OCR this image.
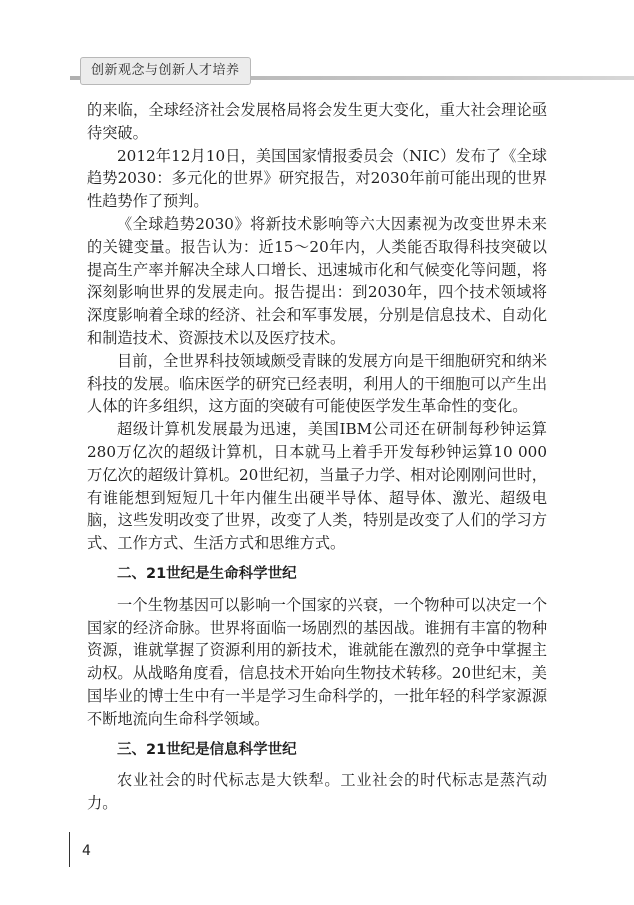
创新观念与创新人才培养

的来临，全球经济社会发展格局将会发生更大变化，重大社会理论亟待突破。

2012年12月10日，美国国家情报委员会（NIC）发布了《全球趋势2030：多元化的世界》研究报告，对2030年前可能出现的世界性趋势作了预判。

《全球趋势2030》将新技术影响等六大因素视为改变世界未来的关键变量。报告认为：近15～20年内，人类能否取得科技突破以提高生产率并解决全球人口增长、迅速城市化和气候变化等问题，将深刻影响世界的发展走向。报告提出：到2030年，四个技术领域将深度影响着全球的经济、社会和军事发展，分别是信息技术、自动化和制造技术、资源技术以及医疗技术。

目前，全世界科技领域颇受青睐的发展方向是干细胞研究和纳米科技的发展。临床医学的研究已经表明，利用人的干细胞可以产生出人体的许多组织，这方面的突破有可能使医学发生革命性的变化。

超级计算机发展最为迅速，美国IBM公司还在研制每秒钟运算280万亿次的超级计算机，日本就马上着手开发每秒钟运算10 000万亿次的超级计算机。20世纪初，当量子力学、相对论刚刚问世时，有谁能想到短短几十年内催生出硬半导体、超导体、激光、超级电脑，这些发明改变了世界，改变了人类，特别是改变了人们的学习方式、工作方式、生活方式和思维方式。

二、21世纪是生命科学世纪

一个生物基因可以影响一个国家的兴衰，一个物种可以决定一个国家的经济命脉。世界将面临一场剧烈的基因战。谁拥有丰富的物种资源，谁就掌握了资源利用的新技术，谁就能在激烈的竞争中掌握主动权。从战略角度看，信息技术开始向生物技术转移。20世纪末，美国毕业的博士生中有一半是学习生命科学的，一批年轻的科学家源源不断地流向生命科学领域。

三、21世纪是信息科学世纪

农业社会的时代标志是大铁犁。工业社会的时代标志是蒸汽动力。

4
